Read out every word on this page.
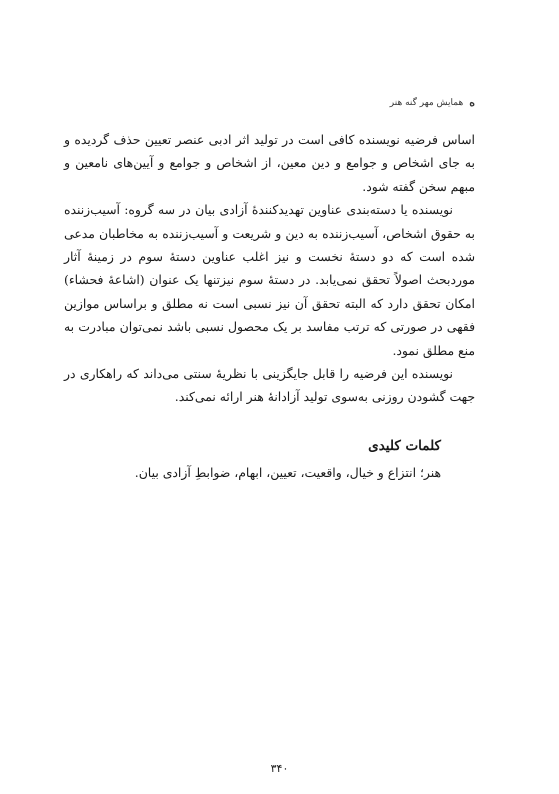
ه
همایش مهر گنه هنر

اساس فرضیه نویسنده کافی است در تولید اثر ادبی عنصر تعیین حذف گردیده و به جای اشخاص و جوامع و دین معین، از اشخاص و جوامع و آیین‌های نامعین و مبهم سخن گفته شود.

نویسنده یا دسته‌بندی عناوین تهدیدکنندهٔ آزادی بیان در سه گروه: آسیب‌زننده به حقوق اشخاص، آسیب‌زننده به دین و شریعت و آسیب‌زننده به مخاطبان مدعی شده است که دو دستهٔ نخست و نیز اغلب عناوین دستهٔ سوم در زمینهٔ آثار موردبحث اصولاً تحقق نمی‌یابد. در دستهٔ سوم نیزتنها یک عنوان (اشاعهٔ فحشاء) امکان تحقق دارد که البته تحقق آن نیز نسبی است نه مطلق و براساس موازین فقهی در صورتی که ترتب مفاسد بر یک محصول نسبی باشد نمی‌توان مبادرت به منع مطلق نمود.

نویسنده این فرضیه را قابل جایگزینی با نظریهٔ سنتی می‌داند که راهکاری در جهت گشودن روزنی به‌سوی تولید آزادانهٔ هنر ارائه نمی‌کند.

کلمات کلیدی
هنر؛ انتزاع و خیال، واقعیت، تعیین، ابهام، ضوابطِ آزادی بیان.
۳۴۰
